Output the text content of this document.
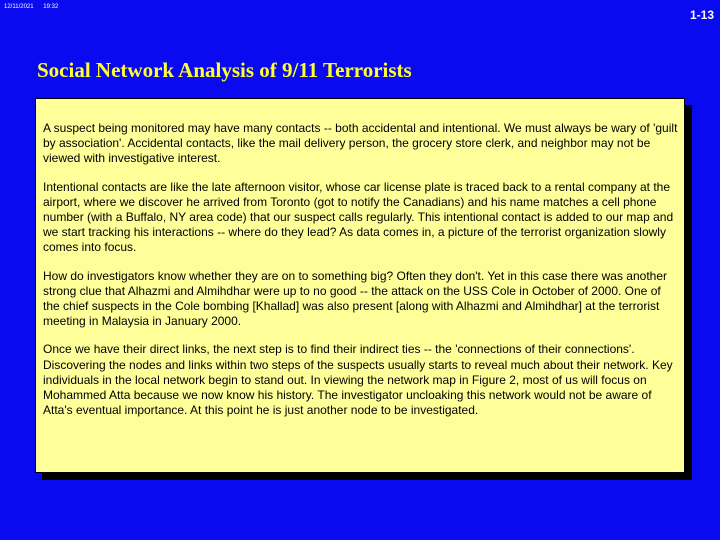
12/11/2021 19:32
1-13
Social Network Analysis of 9/11 Terrorists

A suspect being monitored may have many contacts -- both accidental and intentional. We must always be wary of 'guilt by association'. Accidental contacts, like the mail delivery person, the grocery store clerk, and neighbor may not be viewed with investigative interest.

Intentional contacts are like the late afternoon visitor, whose car license plate is traced back to a rental company at the airport, where we discover he arrived from Toronto (got to notify the Canadians) and his name matches a cell phone number (with a Buffalo, NY area code) that our suspect calls regularly. This intentional contact is added to our map and we start tracking his interactions -- where do they lead? As data comes in, a picture of the terrorist organization slowly comes into focus.

How do investigators know whether they are on to something big? Often they don't. Yet in this case there was another strong clue that Alhazmi and Almihdhar were up to no good -- the attack on the USS Cole in October of 2000. One of the chief suspects in the Cole bombing [Khallad] was also present [along with Alhazmi and Almihdhar] at the terrorist meeting in Malaysia in January 2000.

Once we have their direct links, the next step is to find their indirect ties -- the 'connections of their connections'. Discovering the nodes and links within two steps of the suspects usually starts to reveal much about their network. Key individuals in the local network begin to stand out. In viewing the network map in Figure 2, most of us will focus on Mohammed Atta because we now know his history. The investigator uncloaking this network would not be aware of Atta's eventual importance. At this point he is just another node to be investigated.
